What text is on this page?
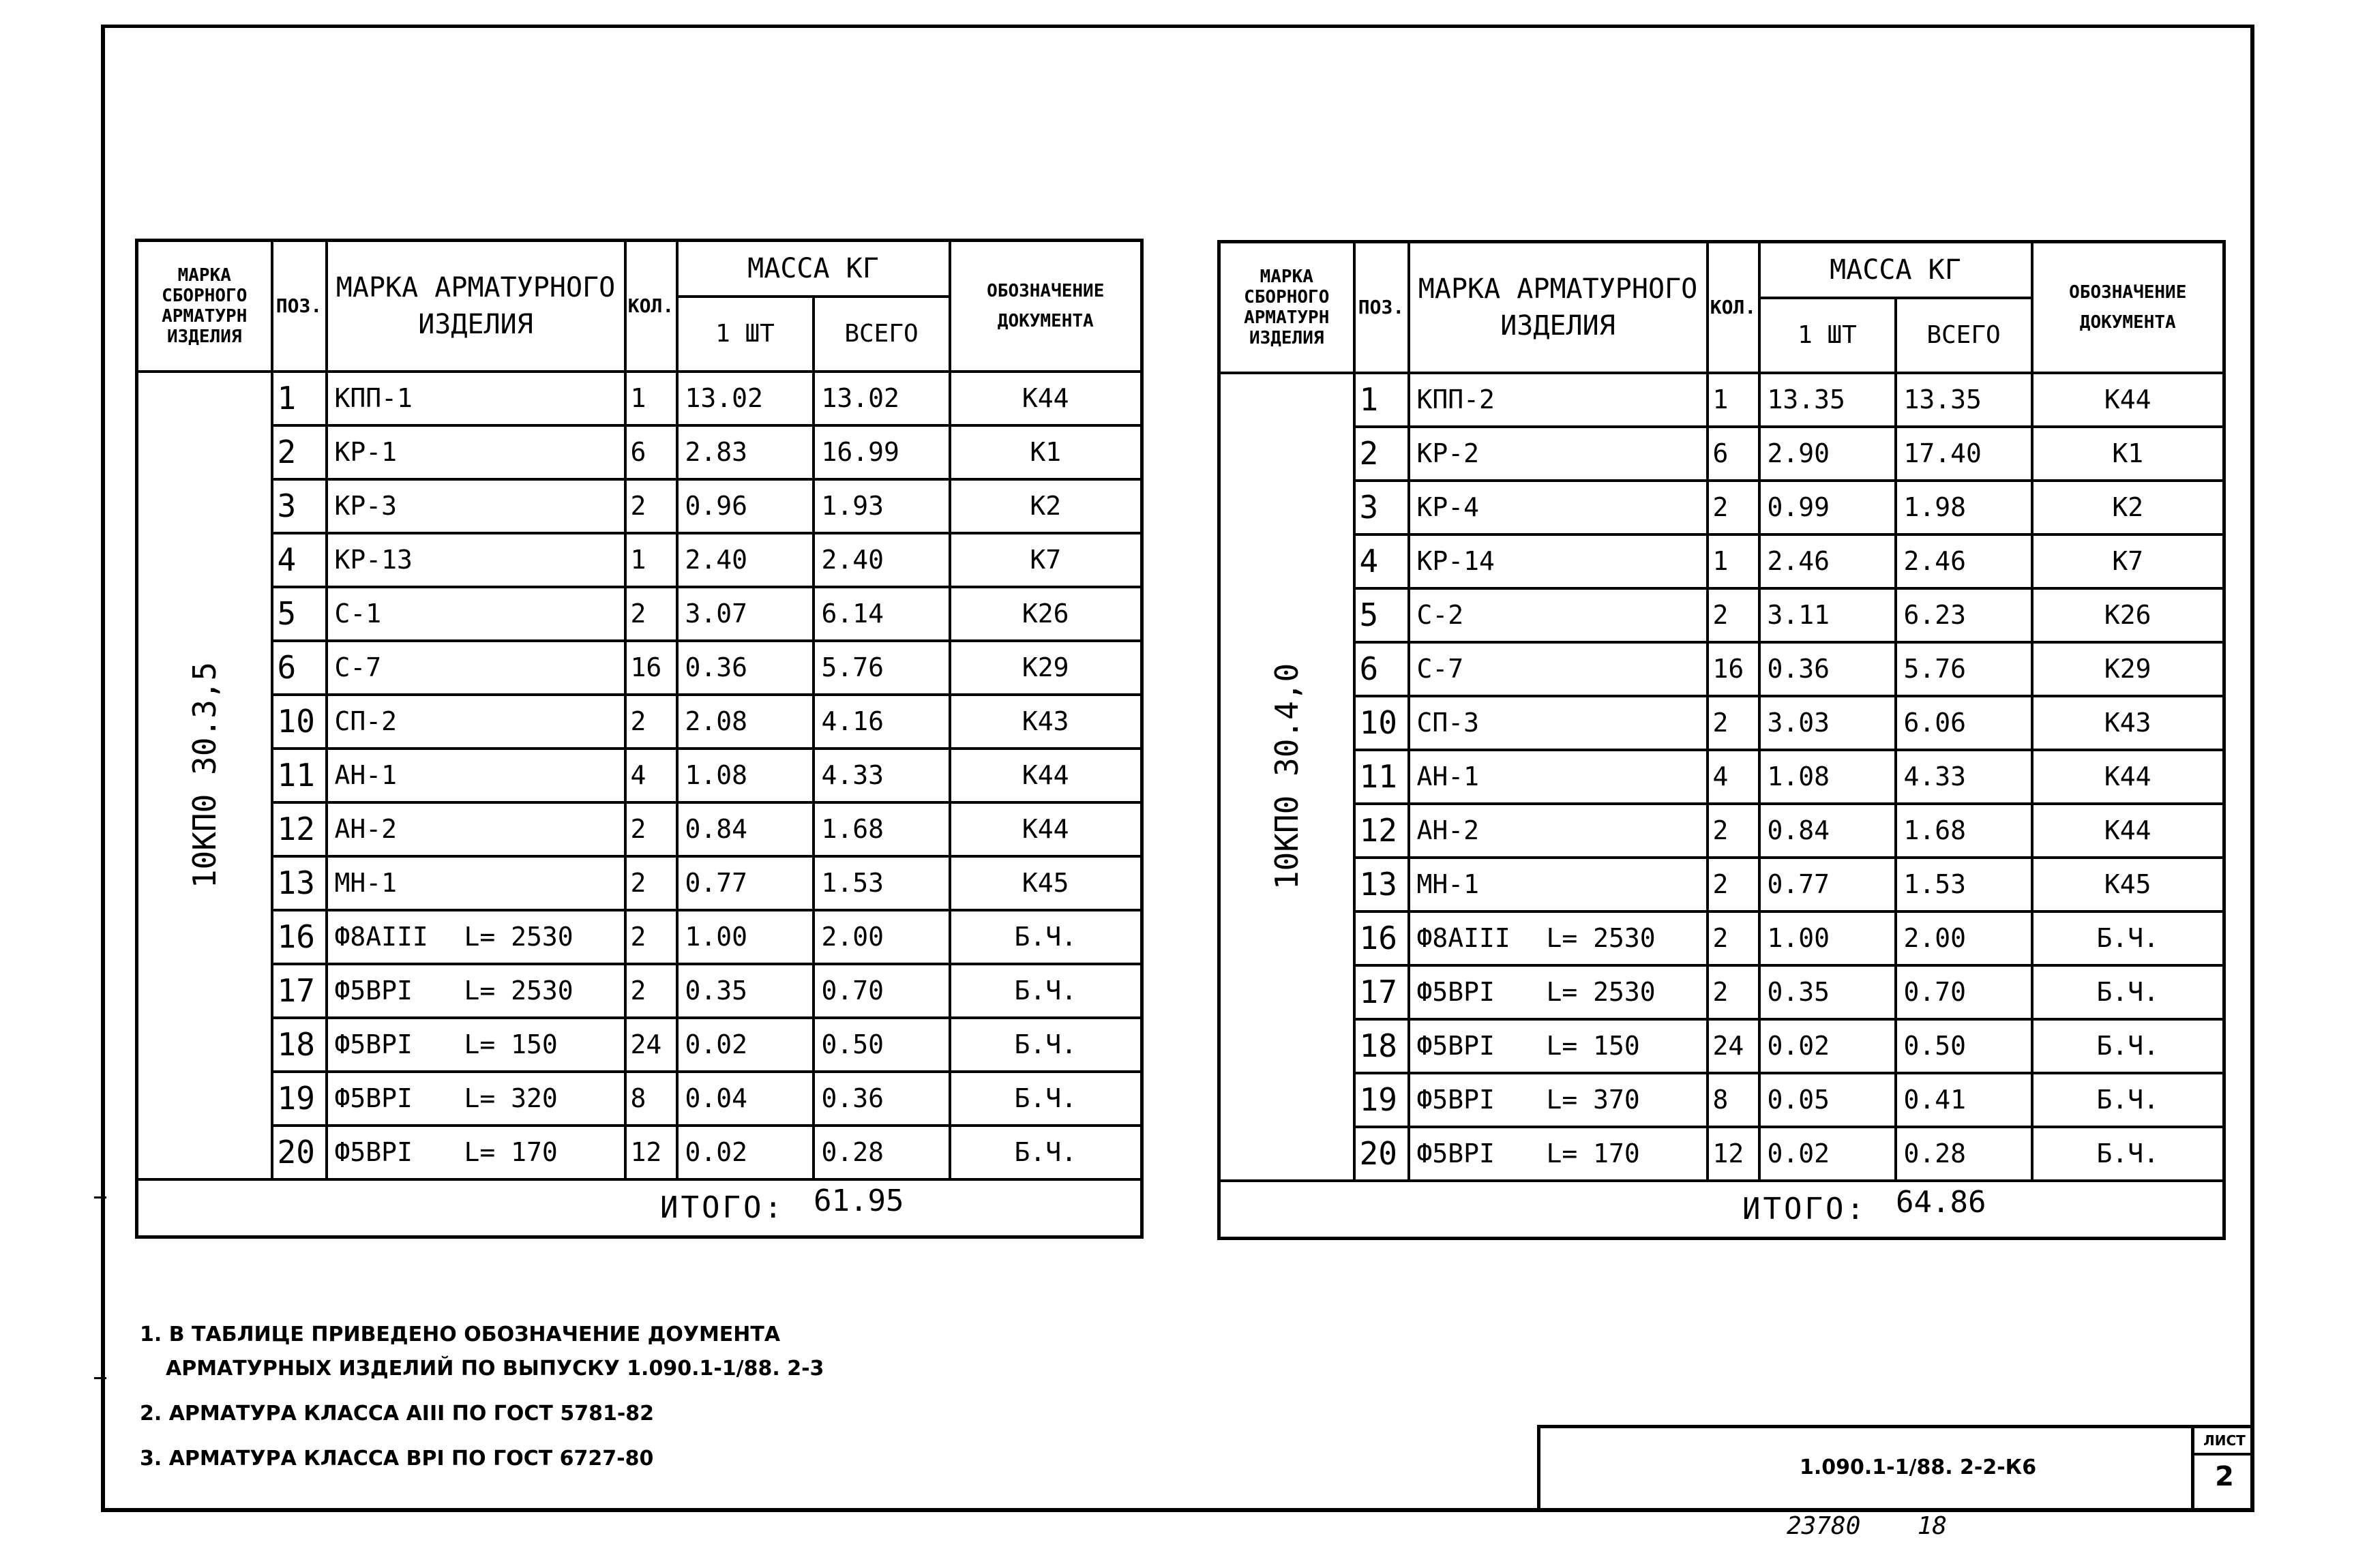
МАРКА СБОРНОГО АРМАТУРН ИЗДЕЛИЯ	ПОЗ.	МАРКА АРМАТУРНОГО ИЗДЕЛИЯ	КОЛ.	МАССА КГ		ОБОЗНАЧЕНИЕ ДОКУМЕНТА
				1 ШТ	ВСЕГО	

10КП0 30.3,5	1	КПП-1	1	13.02	13.02	К44
	2	КР-1	6	2.83	16.99	К1
	3	КР-3	2	0.96	1.93	К2
	4	КР-13	1	2.40	2.40	К7
	5	С-1	2	3.07	6.14	К26
	6	С-7	16	0.36	5.76	К29
	10	СП-2	2	2.08	4.16	К43
	11	АН-1	4	1.08	4.33	К44
	12	АН-2	2	0.84	1.68	К44
	13	МН-1	2	0.77	1.53	К45
	16	Ф8АIII L= 2530	2	1.00	2.00	Б.Ч.
	17	Ф5ВРI L= 2530	2	0.35	0.70	Б.Ч.
	18	Ф5ВРI L= 150	24	0.02	0.50	Б.Ч.
	19	Ф5ВРI L= 320	8	0.04	0.36	Б.Ч.
	20	Ф5ВРI L= 170	12	0.02	0.28	Б.Ч.

ИТОГО: 61.95						
МАРКА СБОРНОГО АРМАТУРН ИЗДЕЛИЯ	ПОЗ.	МАРКА АРМАТУРНОГО ИЗДЕЛИЯ	КОЛ.	МАССА КГ		ОБОЗНАЧЕНИЕ ДОКУМЕНТА
				1 ШТ	ВСЕГО	

10КП0 30.4,0	1	КПП-2	1	13.35	13.35	К44
	2	КР-2	6	2.90	17.40	К1
	3	КР-4	2	0.99	1.98	К2
	4	КР-14	1	2.46	2.46	К7
	5	С-2	2	3.11	6.23	К26
	6	С-7	16	0.36	5.76	К29
	10	СП-3	2	3.03	6.06	К43
	11	АН-1	4	1.08	4.33	К44
	12	АН-2	2	0.84	1.68	К44
	13	МН-1	2	0.77	1.53	К45
	16	Ф8АIII L= 2530	2	1.00	2.00	Б.Ч.
	17	Ф5ВРI L= 2530	2	0.35	0.70	Б.Ч.
	18	Ф5ВРI L= 150	24	0.02	0.50	Б.Ч.
	19	Ф5ВРI L= 370	8	0.05	0.41	Б.Ч.
	20	Ф5ВРI L= 170	12	0.02	0.28	Б.Ч.

ИТОГО: 64.86						
1. В ТАБЛИЦЕ ПРИВЕДЕНО ОБОЗНАЧЕНИЕ ДОУМЕНТА
АРМАТУРНЫХ ИЗДЕЛИЙ ПО ВЫПУСКУ 1.090.1-1/88. 2-3
2. АРМАТУРА КЛАССА АIII ПО ГОСТ 5781-82
3. АРМАТУРА КЛАССА ВРI ПО ГОСТ 6727-80	1.090.1-1/88. 2-2-К6
ЛИСТ
2
23780 18
